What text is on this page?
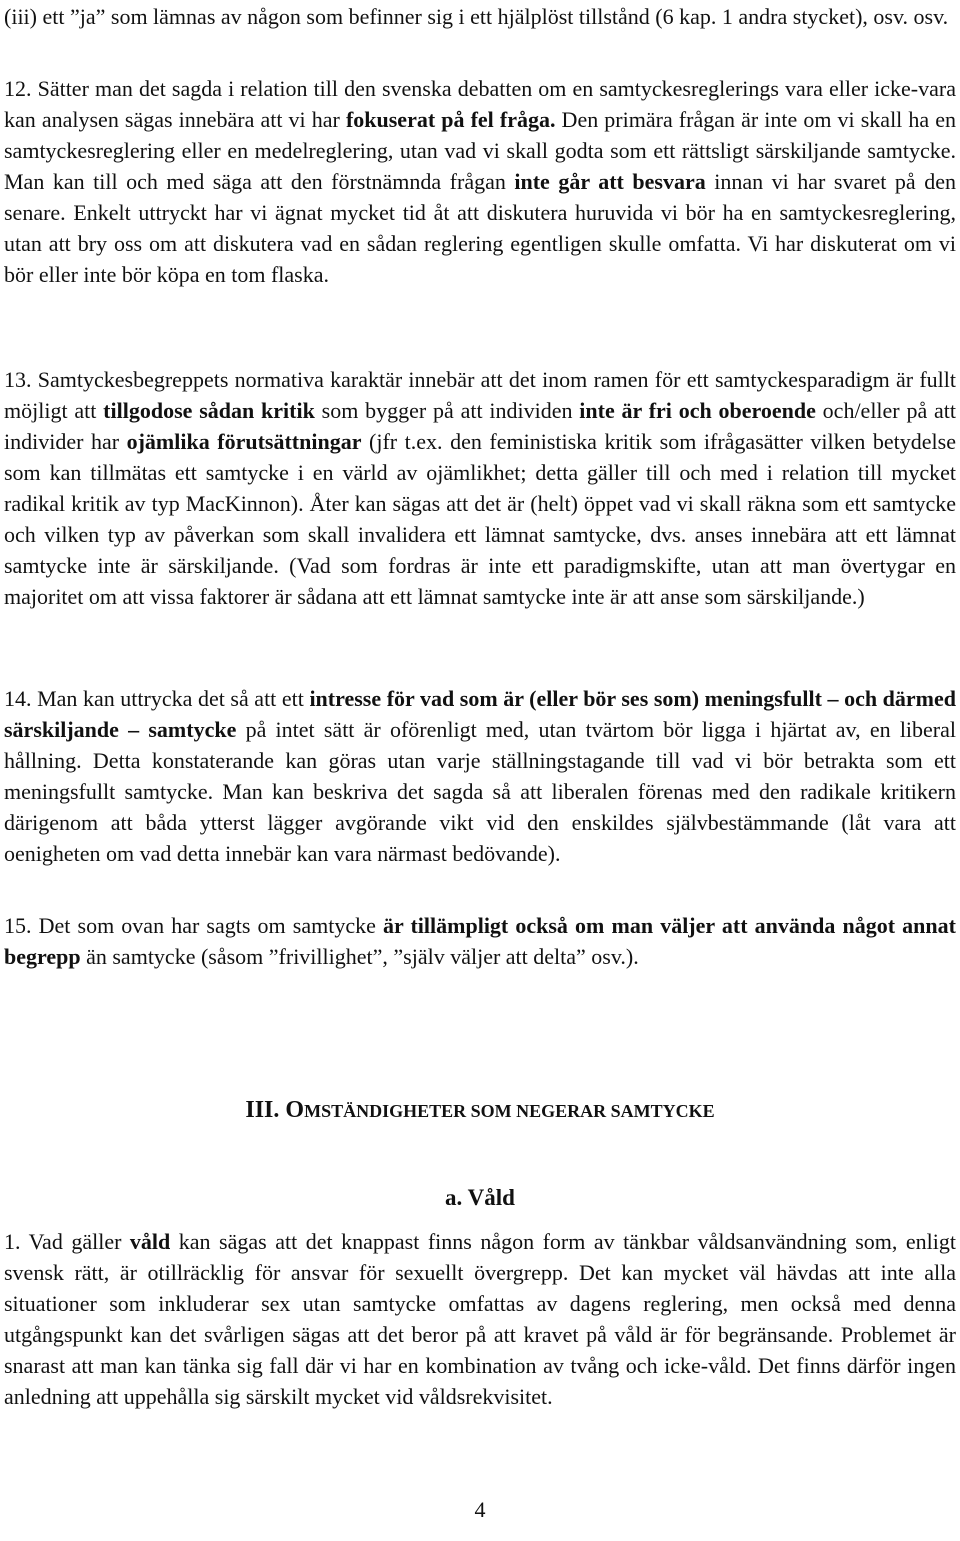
(iii) ett ”ja” som lämnas av någon som befinner sig i ett hjälplöst tillstånd (6 kap. 1 andra stycket), osv. osv.

12. Sätter man det sagda i relation till den svenska debatten om en samtyckesreglerings vara eller icke-vara kan analysen sägas innebära att vi har fokuserat på fel fråga. Den primära frågan är inte om vi skall ha en samtyckesreglering eller en medelreglering, utan vad vi skall godta som ett rättsligt särskiljande samtycke. Man kan till och med säga att den förstnämnda frågan inte går att besvara innan vi har svaret på den senare. Enkelt uttryckt har vi ägnat mycket tid åt att diskutera huruvida vi bör ha en samtyckesreglering, utan att bry oss om att diskutera vad en sådan reglering egentligen skulle omfatta. Vi har diskuterat om vi bör eller inte bör köpa en tom flaska.

13. Samtyckesbegreppets normativa karaktär innebär att det inom ramen för ett samtyckesparadigm är fullt möjligt att tillgodose sådan kritik som bygger på att individen inte är fri och oberoende och/eller på att individer har ojämlika förutsättningar (jfr t.ex. den feministiska kritik som ifrågasätter vilken betydelse som kan tillmätas ett samtycke i en värld av ojämlikhet; detta gäller till och med i relation till mycket radikal kritik av typ MacKinnon). Åter kan sägas att det är (helt) öppet vad vi skall räkna som ett samtycke och vilken typ av påverkan som skall invalidera ett lämnat samtycke, dvs. anses innebära att ett lämnat samtycke inte är särskiljande. (Vad som fordras är inte ett paradigmskifte, utan att man övertygar en majoritet om att vissa faktorer är sådana att ett lämnat samtycke inte är att anse som särskiljande.)

14. Man kan uttrycka det så att ett intresse för vad som är (eller bör ses som) meningsfullt – och därmed särskiljande – samtycke på intet sätt är oförenligt med, utan tvärtom bör ligga i hjärtat av, en liberal hållning. Detta konstaterande kan göras utan varje ställningstagande till vad vi bör betrakta som ett meningsfullt samtycke. Man kan beskriva det sagda så att liberalen förenas med den radikale kritikern därigenom att båda ytterst lägger avgörande vikt vid den enskildes självbestämmande (låt vara att oenigheten om vad detta innebär kan vara närmast bedövande).

15. Det som ovan har sagts om samtycke är tillämpligt också om man väljer att använda något annat begrepp än samtycke (såsom ”frivillighet”, ”själv väljer att delta” osv.).

III. OMSTÄNDIGHETER SOM NEGERAR SAMTYCKE
a. Våld

1. Vad gäller våld kan sägas att det knappast finns någon form av tänkbar våldsanvändning som, enligt svensk rätt, är otillräcklig för ansvar för sexuellt övergrepp. Det kan mycket väl hävdas att inte alla situationer som inkluderar sex utan samtycke omfattas av dagens reglering, men också med denna utgångspunkt kan det svårligen sägas att det beror på att kravet på våld är för begränsande. Problemet är snarast att man kan tänka sig fall där vi har en kombination av tvång och icke-våld. Det finns därför ingen anledning att uppehålla sig särskilt mycket vid våldsrekvisitet.

4
